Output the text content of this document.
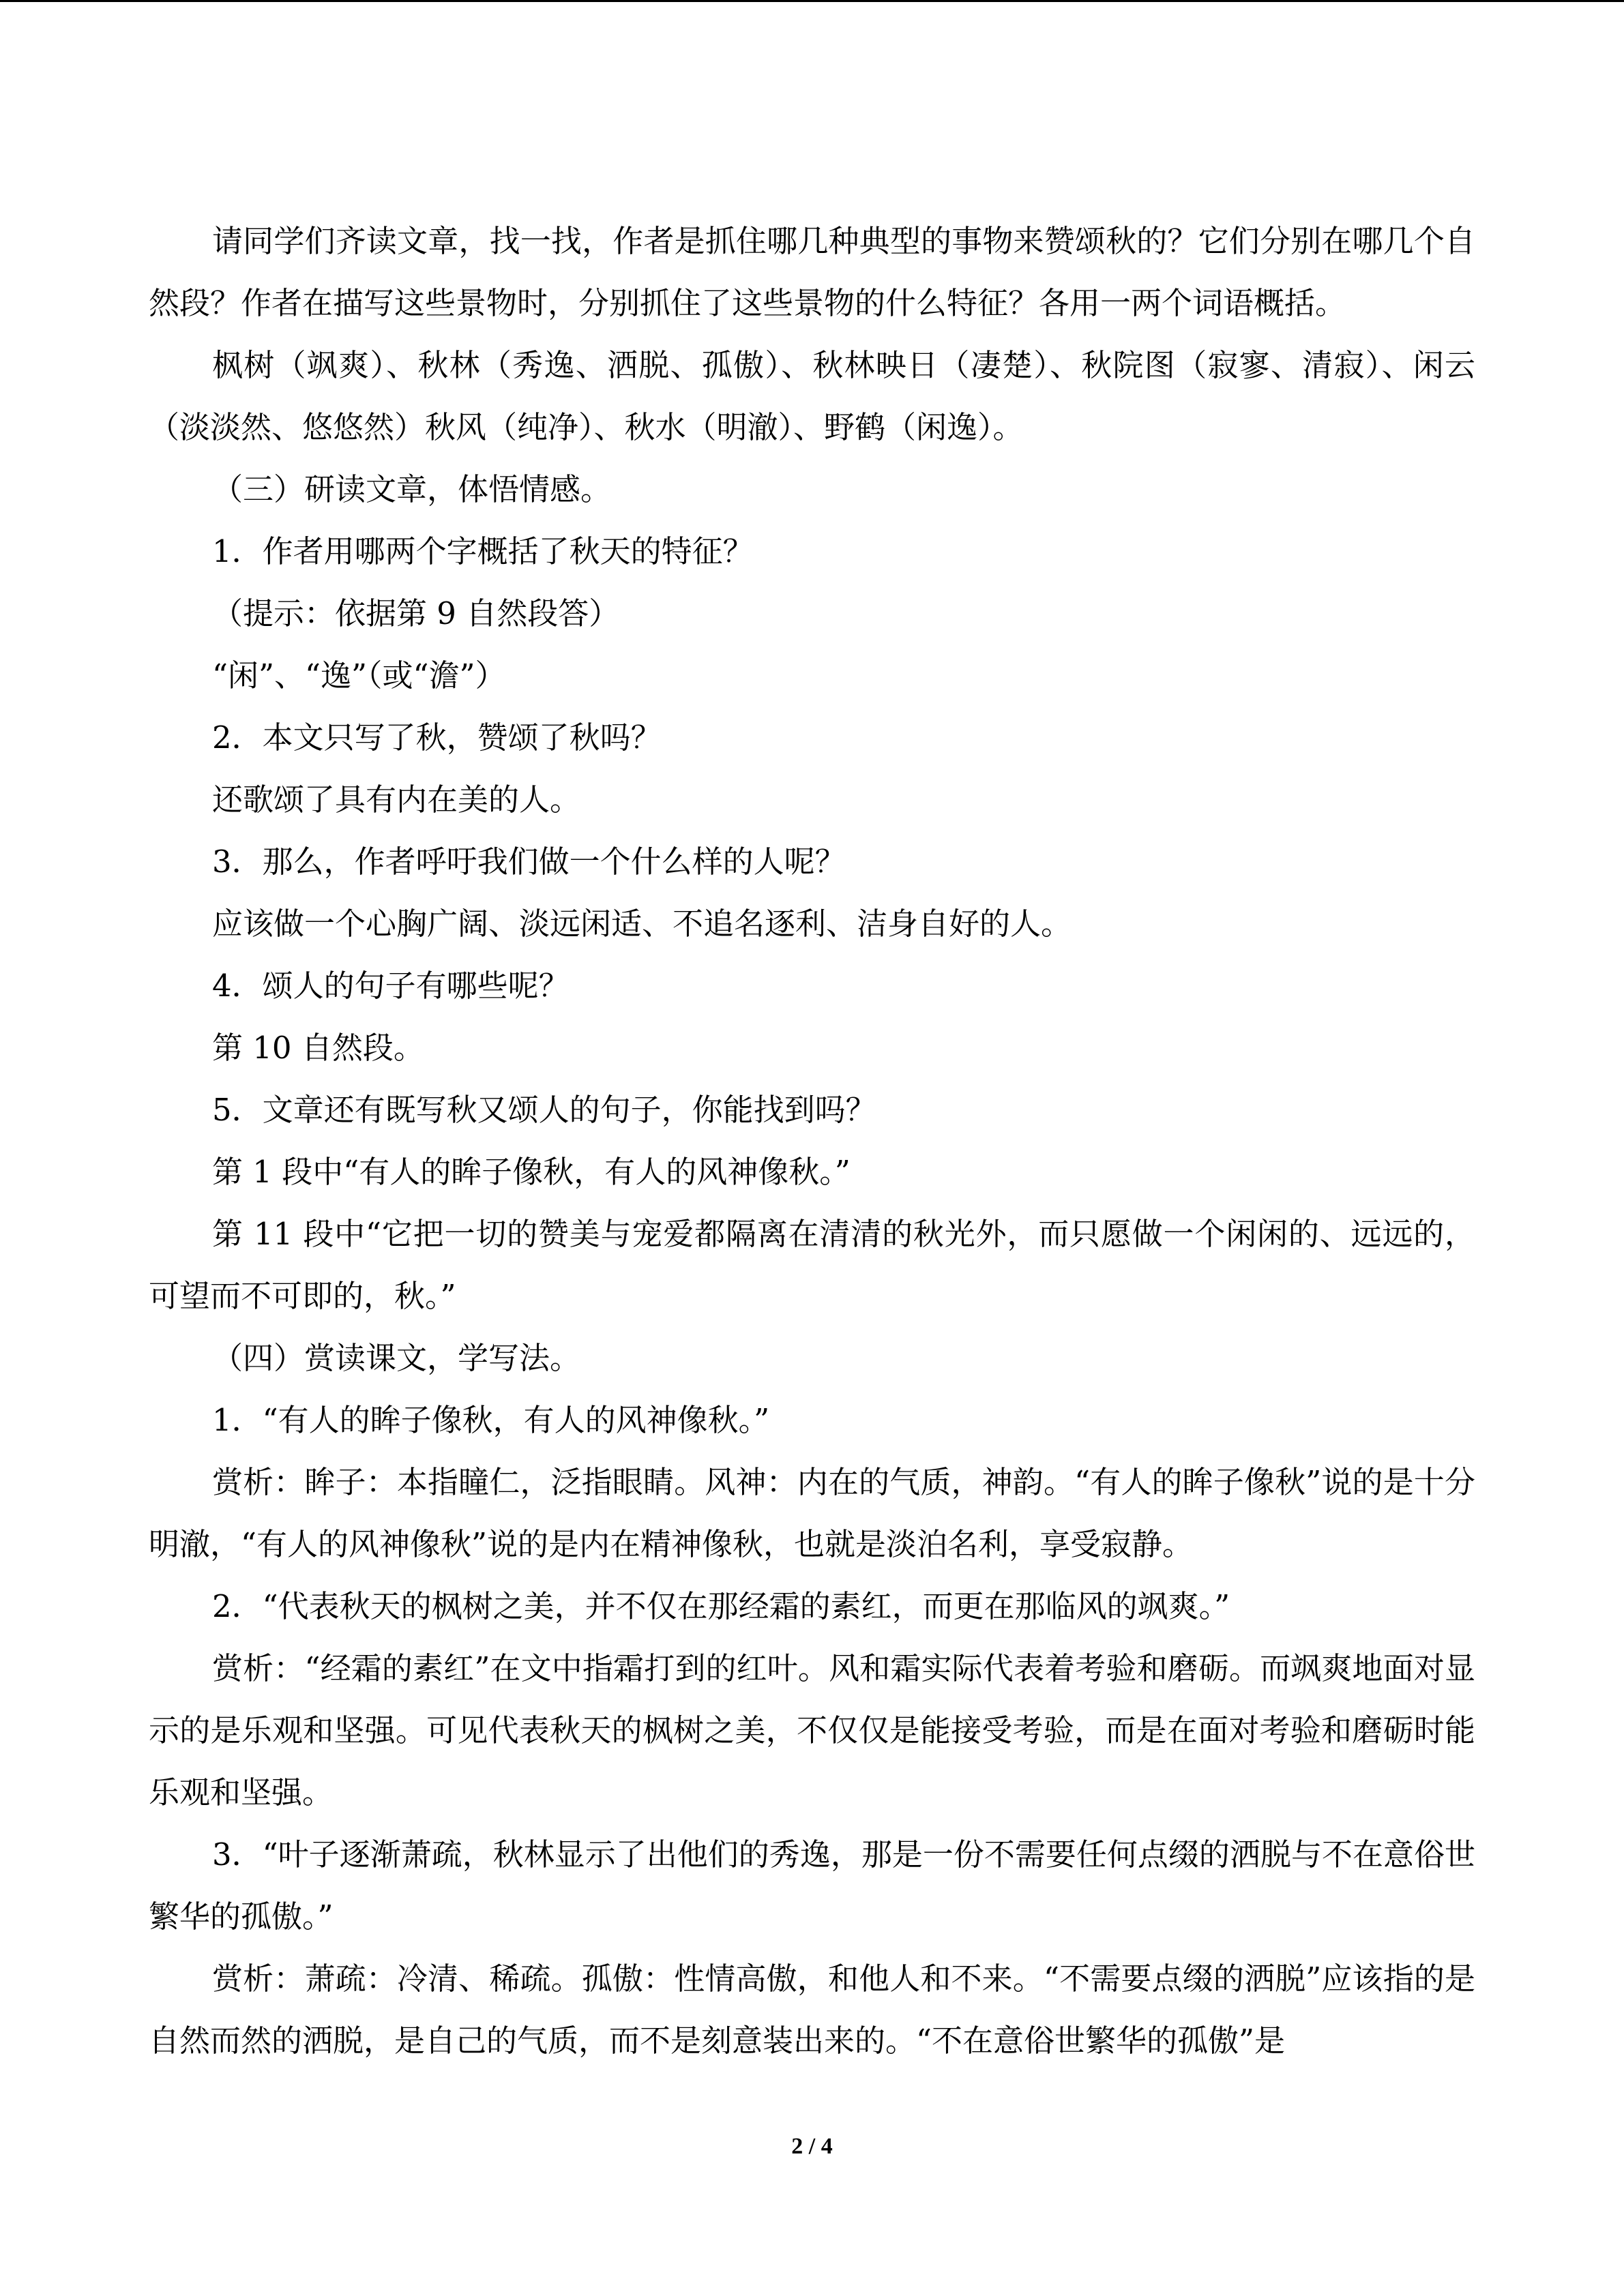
请同学们齐读文章，找一找，作者是抓住哪几种典型的事物来赞颂秋的？它们分别在哪几个自然段？作者在描写这些景物时，分别抓住了这些景物的什么特征？各用一两个词语概括。

枫树（飒爽）、秋林（秀逸、洒脱、孤傲）、秋林映日（凄楚）、秋院图（寂寥、清寂）、闲云（淡淡然、悠悠然）秋风（纯净）、秋水（明澈）、野鹤（闲逸）。

（三）研读文章，体悟情感。

1．作者用哪两个字概括了秋天的特征？

（提示：依据第 9 自然段答）

“闲”、“逸”（或“澹”）

2．本文只写了秋，赞颂了秋吗？

还歌颂了具有内在美的人。

3．那么，作者呼吁我们做一个什么样的人呢？

应该做一个心胸广阔、淡远闲适、不追名逐利、洁身自好的人。

4．颂人的句子有哪些呢？

第 10 自然段。

5．文章还有既写秋又颂人的句子，你能找到吗？

第 1 段中“有人的眸子像秋，有人的风神像秋。”

第 11 段中“它把一切的赞美与宠爱都隔离在清清的秋光外，而只愿做一个闲闲的、远远的，可望而不可即的，秋。”

（四）赏读课文，学写法。

1．“有人的眸子像秋，有人的风神像秋。”

赏析：眸子：本指瞳仁，泛指眼睛。风神：内在的气质，神韵。“有人的眸子像秋”说的是十分明澈，“有人的风神像秋”说的是内在精神像秋，也就是淡泊名利，享受寂静。

2．“代表秋天的枫树之美，并不仅在那经霜的素红，而更在那临风的飒爽。”

赏析：“经霜的素红”在文中指霜打到的红叶。风和霜实际代表着考验和磨砺。而飒爽地面对显示的是乐观和坚强。可见代表秋天的枫树之美，不仅仅是能接受考验，而是在面对考验和磨砺时能乐观和坚强。

3．“叶子逐渐萧疏，秋林显示了出他们的秀逸，那是一份不需要任何点缀的洒脱与不在意俗世繁华的孤傲。”

赏析：萧疏：冷清、稀疏。孤傲：性情高傲，和他人和不来。“不需要点缀的洒脱”应该指的是自然而然的洒脱，是自己的气质，而不是刻意装出来的。“不在意俗世繁华的孤傲”是

2 / 4
